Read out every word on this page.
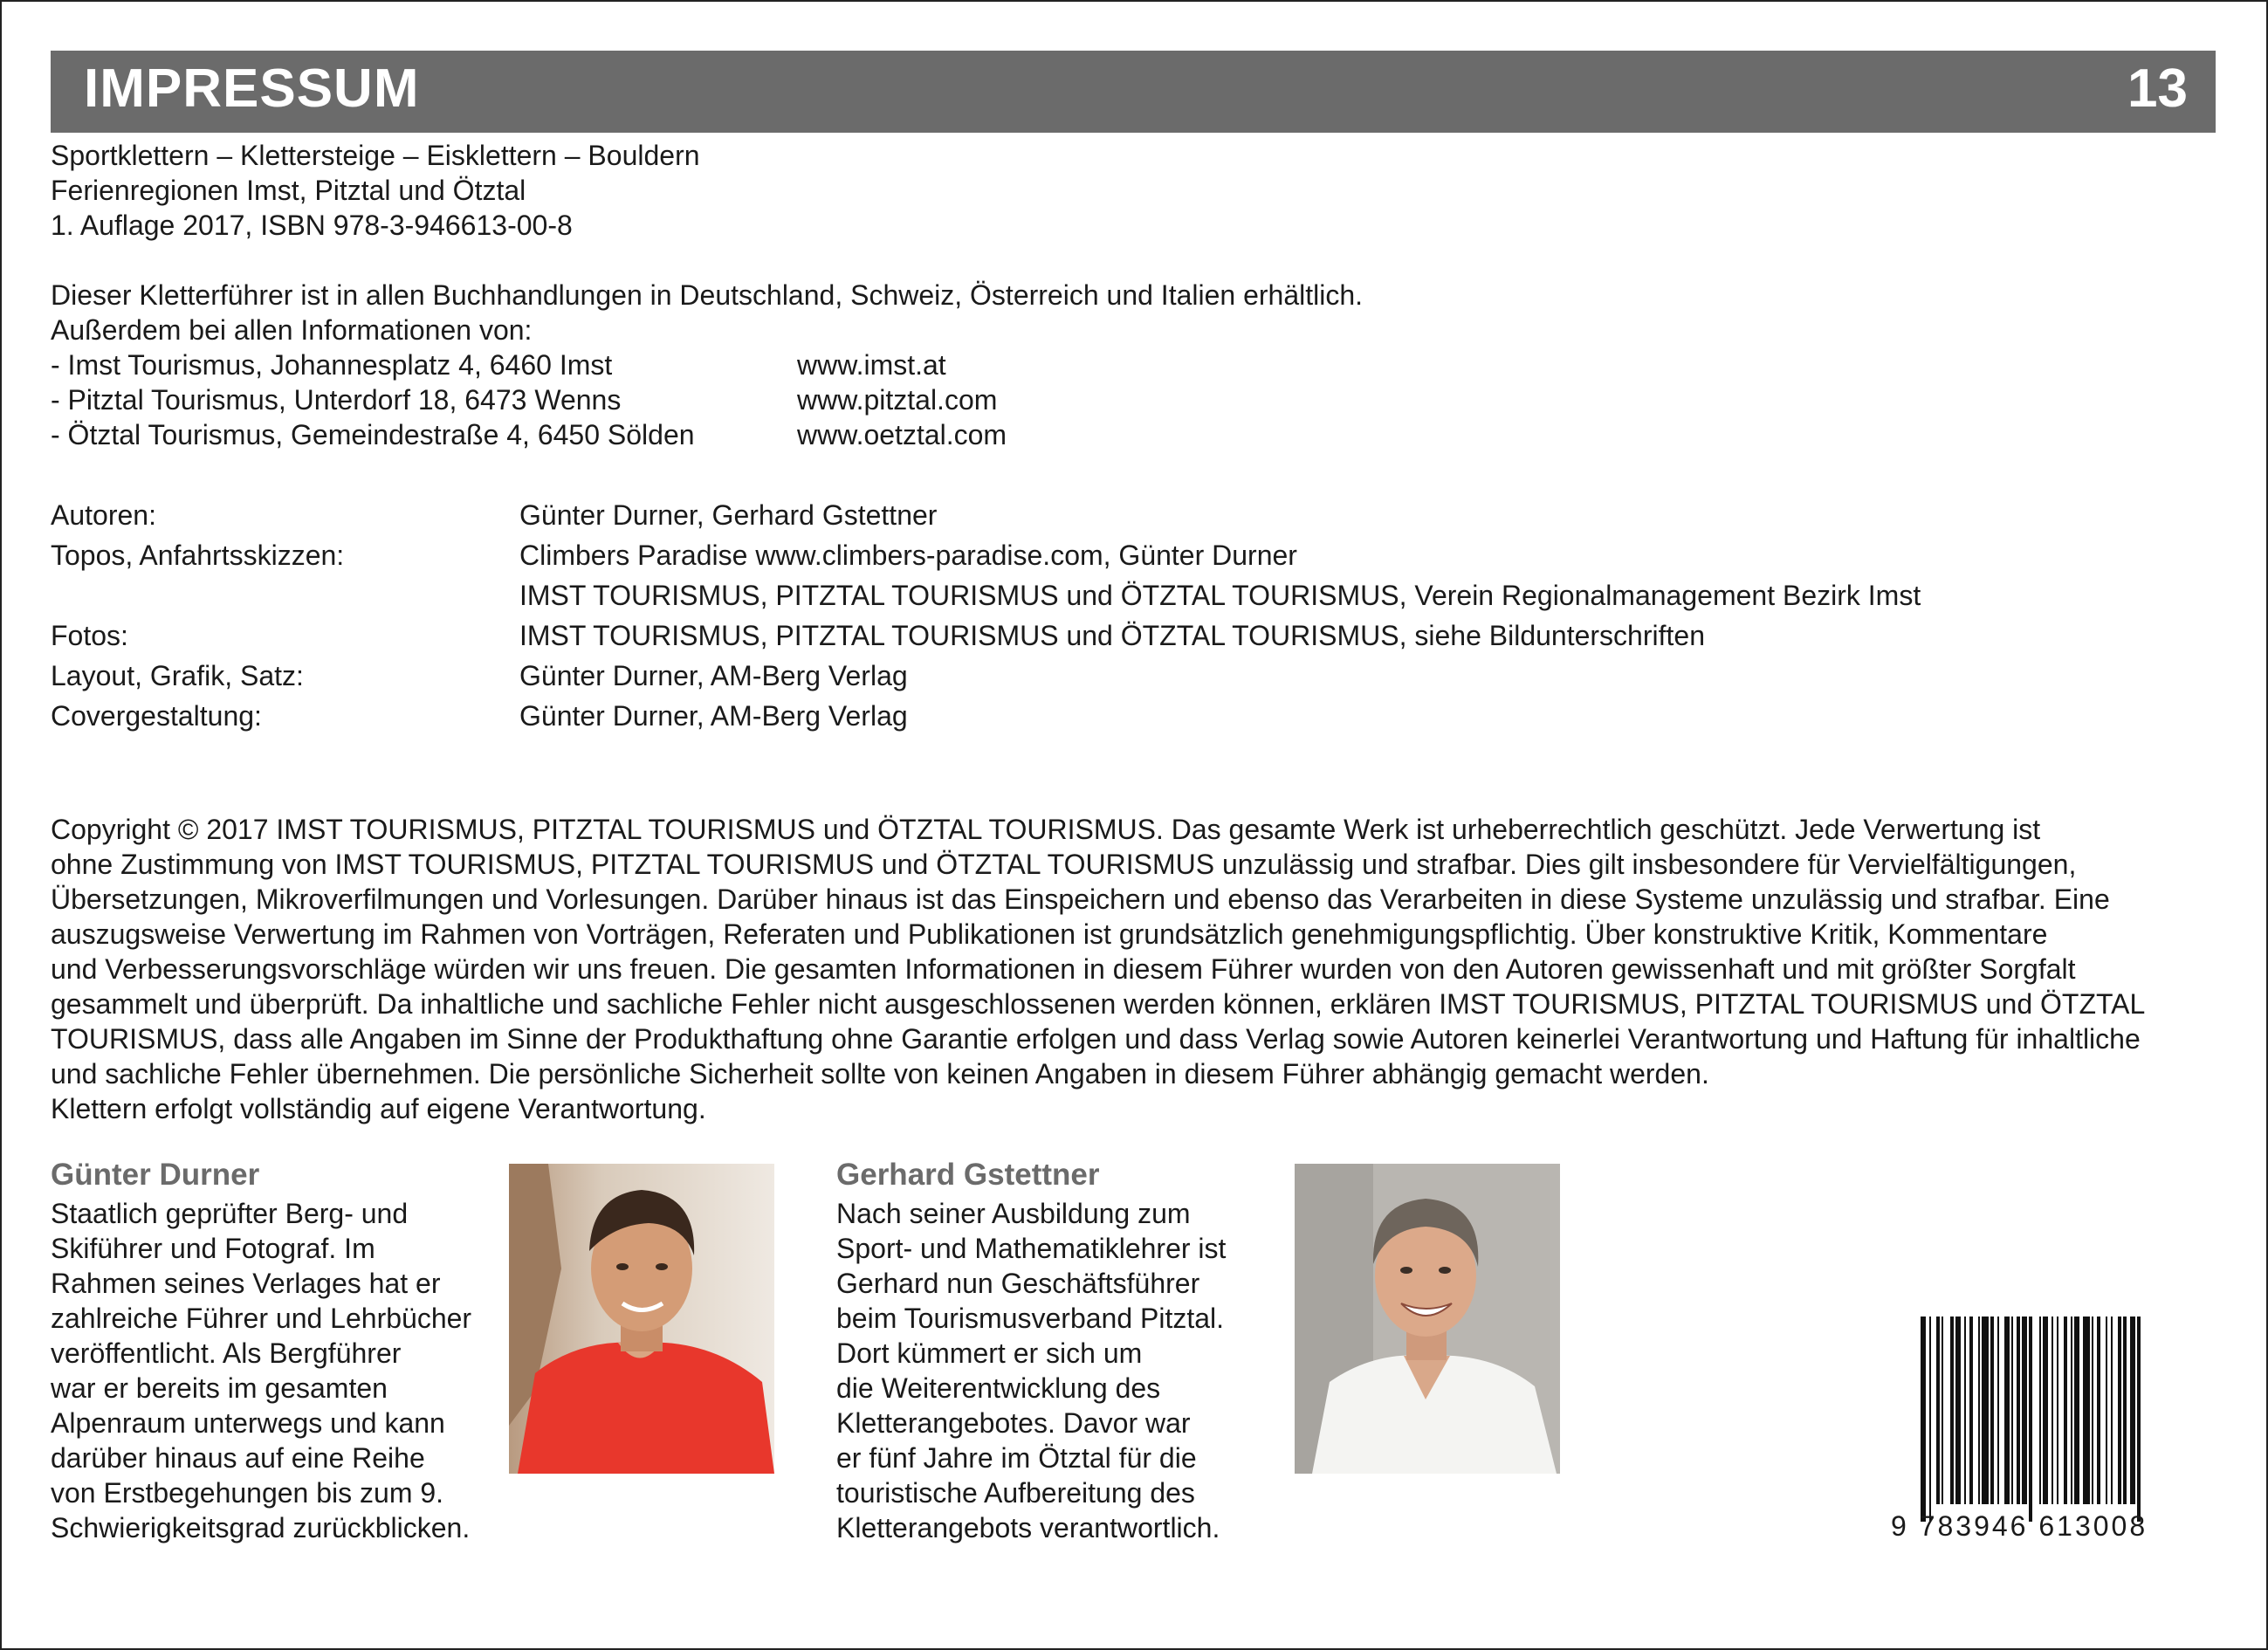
IMPRESSUM	13
Sportklettern – Klettersteige – Eisklettern – Bouldern
Ferienregionen Imst, Pitztal und Ötztal
1. Auflage 2017, ISBN 978-3-946613-00-8
Dieser Kletterführer ist in allen Buchhandlungen in Deutschland, Schweiz, Österreich und Italien erhältlich.
Außerdem bei allen Informationen von:
- Imst Tourismus, Johannesplatz 4, 6460 Imst	www.imst.at
- Pitztal Tourismus, Unterdorf 18, 6473 Wenns	www.pitztal.com
- Ötztal Tourismus, Gemeindestraße 4, 6450 Sölden	www.oetztal.com
Autoren:	Günter Durner, Gerhard Gstettner
Topos, Anfahrtsskizzen:	Climbers Paradise www.climbers-paradise.com, Günter Durner
IMST TOURISMUS, PITZTAL TOURISMUS und ÖTZTAL TOURISMUS, Verein Regionalmanagement Bezirk Imst
Fotos:	IMST TOURISMUS, PITZTAL TOURISMUS und ÖTZTAL TOURISMUS, siehe Bildunterschriften
Layout, Grafik, Satz:	Günter Durner, AM-Berg Verlag
Covergestaltung:	Günter Durner, AM-Berg Verlag
Copyright © 2017 IMST TOURISMUS, PITZTAL TOURISMUS und ÖTZTAL TOURISMUS. Das gesamte Werk ist urheberrechtlich geschützt. Jede Verwertung ist
ohne Zustimmung von IMST TOURISMUS, PITZTAL TOURISMUS und ÖTZTAL TOURISMUS unzulässig und strafbar. Dies gilt insbesondere für Vervielfältigungen,
Übersetzungen, Mikroverfilmungen und Vorlesungen. Darüber hinaus ist das Einspeichern und ebenso das Verarbeiten in diese Systeme unzulässig und strafbar. Eine
auszugsweise Verwertung im Rahmen von Vorträgen, Referaten und Publikationen ist grundsätzlich genehmigungspflichtig. Über konstruktive Kritik, Kommentare
und Verbesserungsvorschläge würden wir uns freuen. Die gesamten Informationen in diesem Führer wurden von den Autoren gewissenhaft und mit größter Sorgfalt
gesammelt und überprüft. Da inhaltliche und sachliche Fehler nicht ausgeschlossenen werden können, erklären IMST TOURISMUS, PITZTAL TOURISMUS und ÖTZTAL
TOURISMUS, dass alle Angaben im Sinne der Produkthaftung ohne Garantie erfolgen und dass Verlag sowie Autoren keinerlei Verantwortung und Haftung für inhaltliche
und sachliche Fehler übernehmen. Die persönliche Sicherheit sollte von keinen Angaben in diesem Führer abhängig gemacht werden.
Klettern erfolgt vollständig auf eigene Verantwortung.
Günter Durner
Staatlich geprüfter Berg- und
Skiführer und Fotograf. Im
Rahmen seines Verlages hat er
zahlreiche Führer und Lehrbücher
veröffentlicht. Als Bergführer
war er bereits im gesamten
Alpenraum unterwegs und kann
darüber hinaus auf eine Reihe
von Erstbegehungen bis zum 9.
Schwierigkeitsgrad zurückblicken.
Gerhard Gstettner
Nach seiner Ausbildung zum
Sport- und Mathematiklehrer ist
Gerhard nun Geschäftsführer
beim Tourismusverband Pitztal.
Dort kümmert er sich um
die Weiterentwicklung des
Kletterangebotes. Davor war
er fünf Jahre im Ötztal für die
touristische Aufbereitung des
Kletterangebots verantwortlich.	9 783946 613008
